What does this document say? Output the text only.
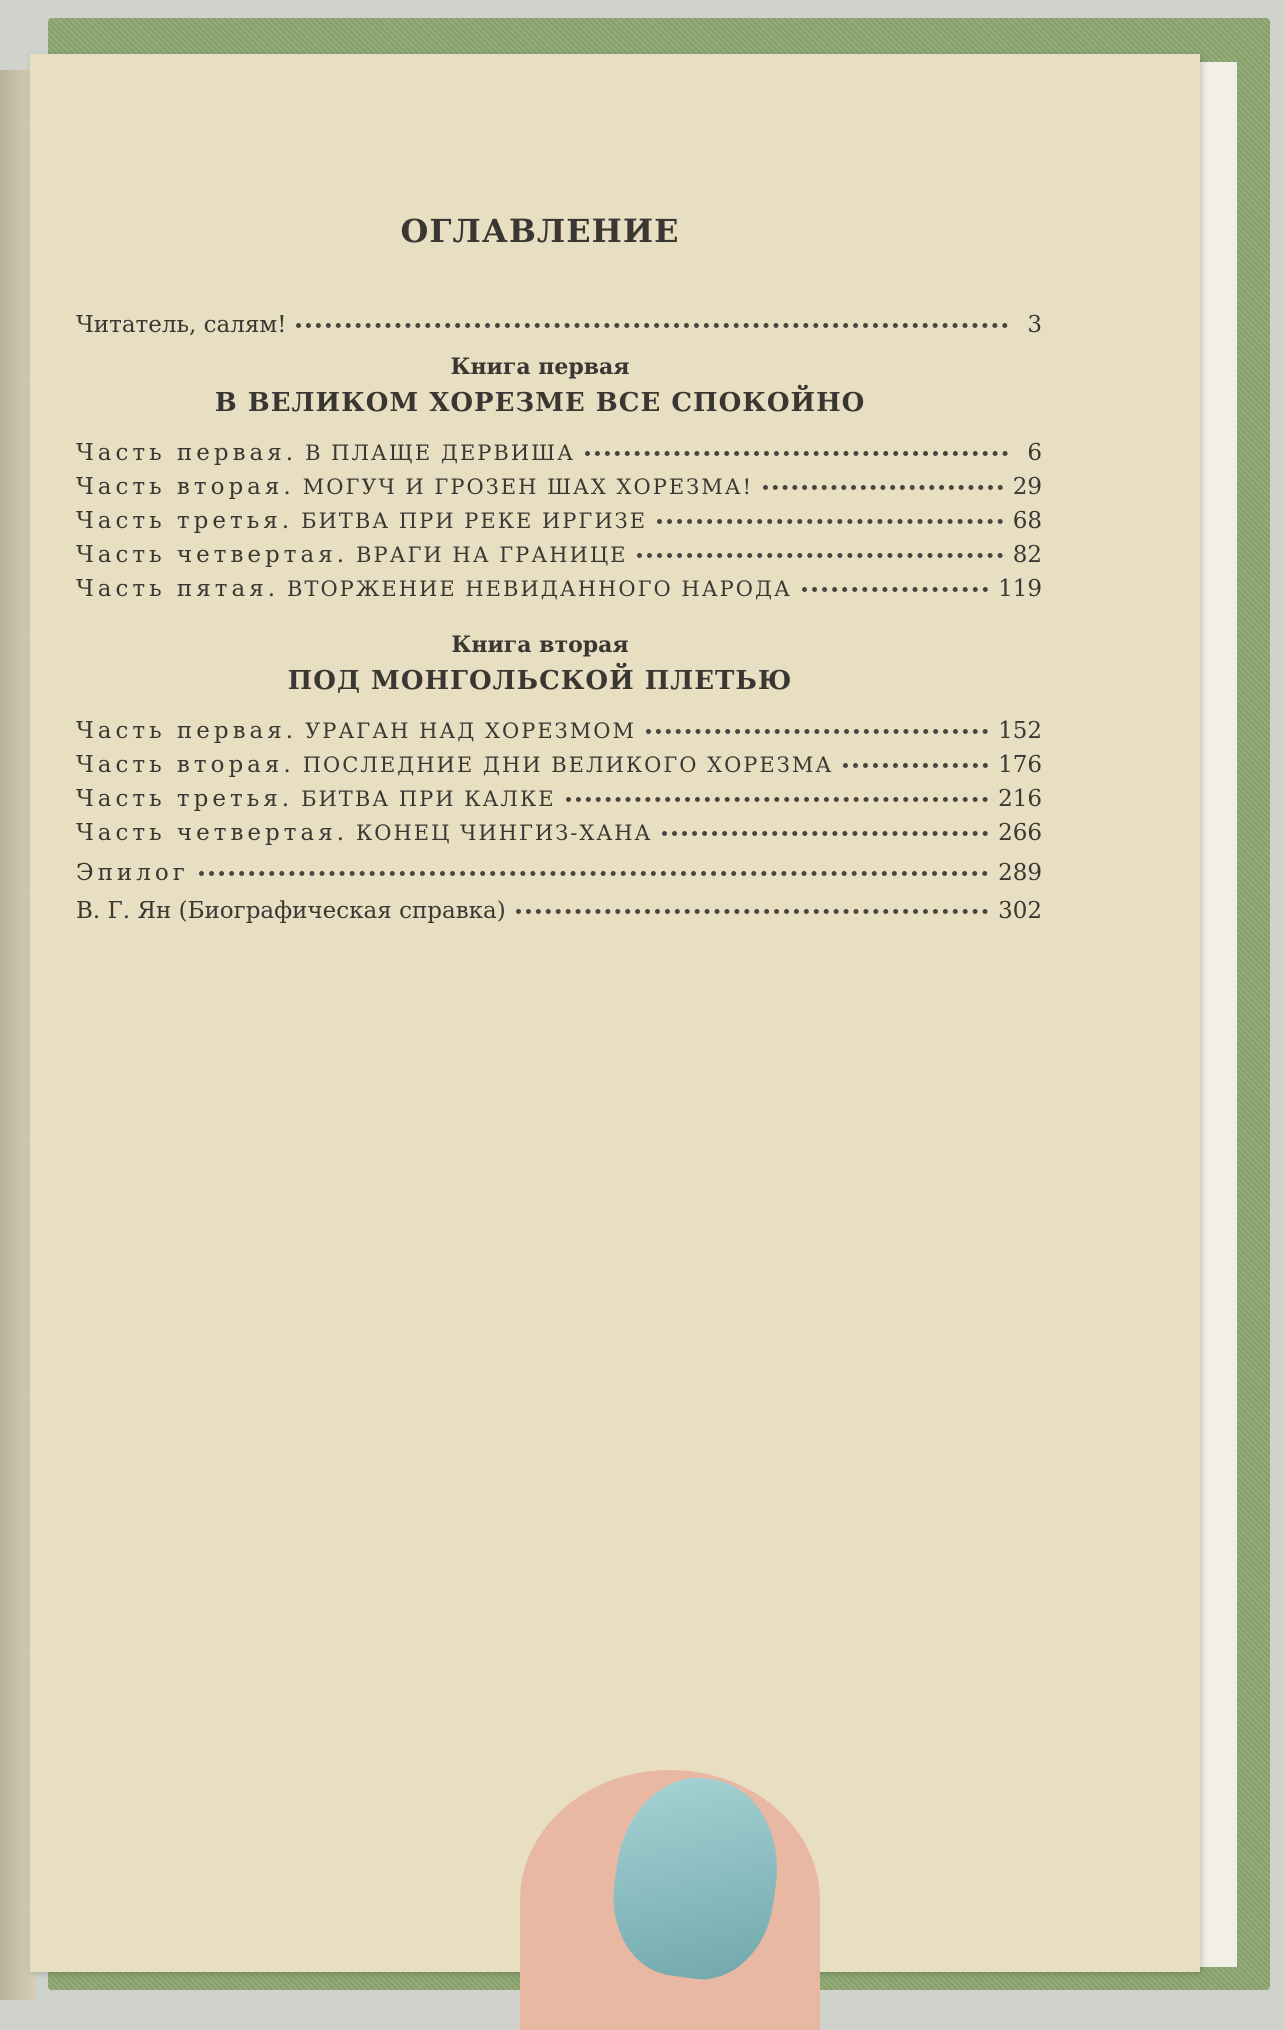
ОГЛАВЛЕНИЕ
Читатель, салям!	3
Книга первая
В ВЕЛИКОМ ХОРЕЗМЕ ВСЕ СПОКОЙНО
Часть первая. В ПЛАЩЕ ДЕРВИША	6
Часть вторая. МОГУЧ И ГРОЗЕН ШАХ ХОРЕЗМА!	29
Часть третья. БИТВА ПРИ РЕКЕ ИРГИЗЕ	68
Часть четвертая. ВРАГИ НА ГРАНИЦЕ	82
Часть пятая. ВТОРЖЕНИЕ НЕВИДАННОГО НАРОДА	119
Книга вторая
ПОД МОНГОЛЬСКОЙ ПЛЕТЬЮ
Часть первая. УРАГАН НАД ХОРЕЗМОМ	152
Часть вторая. ПОСЛЕДНИЕ ДНИ ВЕЛИКОГО ХОРЕЗМА	176
Часть третья. БИТВА ПРИ КАЛКЕ	216
Часть четвертая. КОНЕЦ ЧИНГИЗ-ХАНА	266
Эпилог	289
В. Г. Ян (Биографическая справка)	302
